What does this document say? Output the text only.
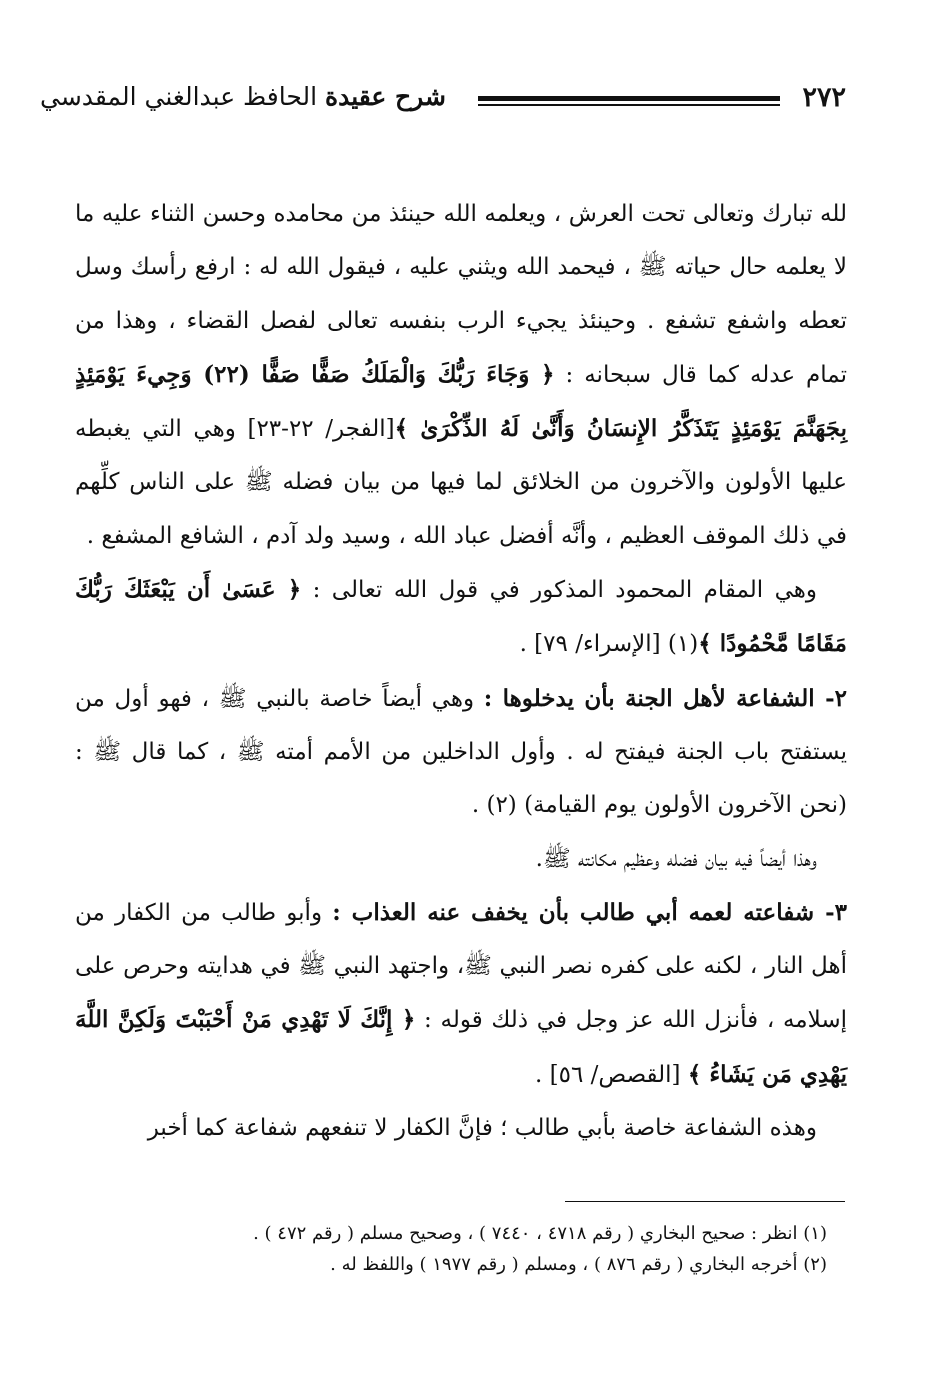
٢٧٢
شرح عقيدة الحافظ عبدالغني المقدسي

لله تبارك وتعالى تحت العرش ، ويعلمه الله حينئذ من محامده وحسن الثناء عليه ما لا يعلمه حال حياته ﷺ ، فيحمد الله ويثني عليه ، فيقول الله له : ارفع رأسك وسل تعطه واشفع تشفع . وحينئذ يجيء الرب بنفسه تعالى لفصل القضاء ، وهذا من تمام عدله كما قال سبحانه : ﴿ وَجَاءَ رَبُّكَ وَالْمَلَكُ صَفًّا صَفًّا (٢٢) وَجِيءَ يَوْمَئِذٍ بِجَهَنَّمَ يَوْمَئِذٍ يَتَذَكَّرُ الإِنسَانُ وَأَنَّىٰ لَهُ الذِّكْرَىٰ ﴾[الفجر/ ٢٢-٢٣] وهي التي يغبطه عليها الأولون والآخرون من الخلائق لما فيها من بيان فضله ﷺ على الناس كلِّهم في ذلك الموقف العظيم ، وأنَّه أفضل عباد الله ، وسيد ولد آدم ، الشافع المشفع .

وهي المقام المحمود المذكور في قول الله تعالى : ﴿ عَسَىٰ أَن يَبْعَثَكَ رَبُّكَ مَقَامًا مَّحْمُودًا ﴾(١) [الإسراء/ ٧٩] .

٢- الشفاعة لأهل الجنة بأن يدخلوها : وهي أيضاً خاصة بالنبي ﷺ ، فهو أول من يستفتح باب الجنة فيفتح له . وأول الداخلين من الأمم أمته ﷺ ، كما قال ﷺ : (نحن الآخرون الأولون يوم القيامة) (٢) .

وهذا أيضاً فيه بيان فضله وعظيم مكانته ﷺ.

٣- شفاعته لعمه أبي طالب بأن يخفف عنه العذاب : وأبو طالب من الكفار من أهل النار ، لكنه على كفره نصر النبي ﷺ، واجتهد النبي ﷺ في هدايته وحرص على إسلامه ، فأنزل الله عز وجل في ذلك قوله : ﴿ إِنَّكَ لَا تَهْدِي مَنْ أَحْبَبْتَ وَلَكِنَّ اللَّهَ يَهْدِي مَن يَشَاءُ ﴾ [القصص/ ٥٦] .

وهذه الشفاعة خاصة بأبي طالب ؛ فإنَّ الكفار لا تنفعهم شفاعة كما أخبر

(١) انظر : صحيح البخاري ( رقم ٤٧١٨ ، ٧٤٤٠ ) ، وصحيح مسلم ( رقم ٤٧٢ ) .

(٢) أخرجه البخاري ( رقم ٨٧٦ ) ، ومسلم ( رقم ١٩٧٧ ) واللفظ له .
